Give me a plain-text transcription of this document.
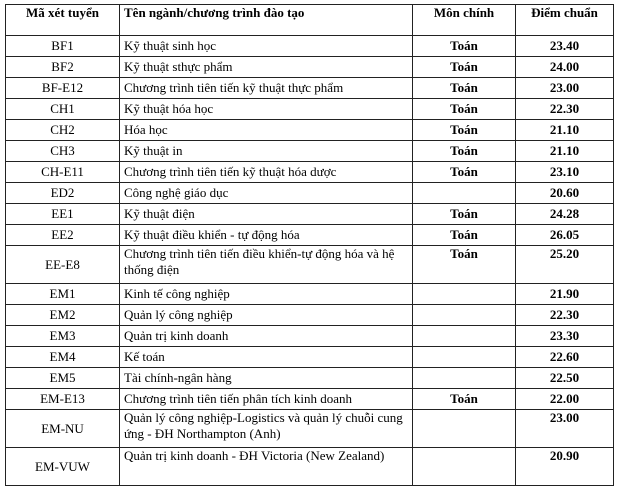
Mã xét tuyển	Tên ngành/chương trình đào tạo	Môn chính	Điểm chuẩn
BF1	Kỹ thuật sinh học	Toán	23.40
BF2	Kỹ thuật sthực phẩm	Toán	24.00
BF-E12	Chương trình tiên tiến kỹ thuật thực phẩm	Toán	23.00
CH1	Kỹ thuật hóa học	Toán	22.30
CH2	Hóa học	Toán	21.10
CH3	Kỹ thuật in	Toán	21.10
CH-E11	Chương trình tiên tiến kỹ thuật hóa dược	Toán	23.10
ED2	Công nghệ giáo dục		20.60
EE1	Kỹ thuật điện	Toán	24.28
EE2	Kỹ thuật điều khiển - tự động hóa	Toán	26.05
EE-E8	Chương trình tiên tiến điều khiển-tự động hóa và hệ thống điện	Toán	25.20
EM1	Kinh tế công nghiệp		21.90
EM2	Quản lý công nghiệp		22.30
EM3	Quản trị kinh doanh		23.30
EM4	Kế toán		22.60
EM5	Tài chính-ngân hàng		22.50
EM-E13	Chương trình tiên tiến phân tích kinh doanh	Toán	22.00
EM-NU	Quản lý công nghiệp-Logistics và quản lý chuỗi cung ứng - ĐH Northampton (Anh)		23.00
EM-VUW	Quản trị kinh doanh - ĐH Victoria (New Zealand)		20.90
